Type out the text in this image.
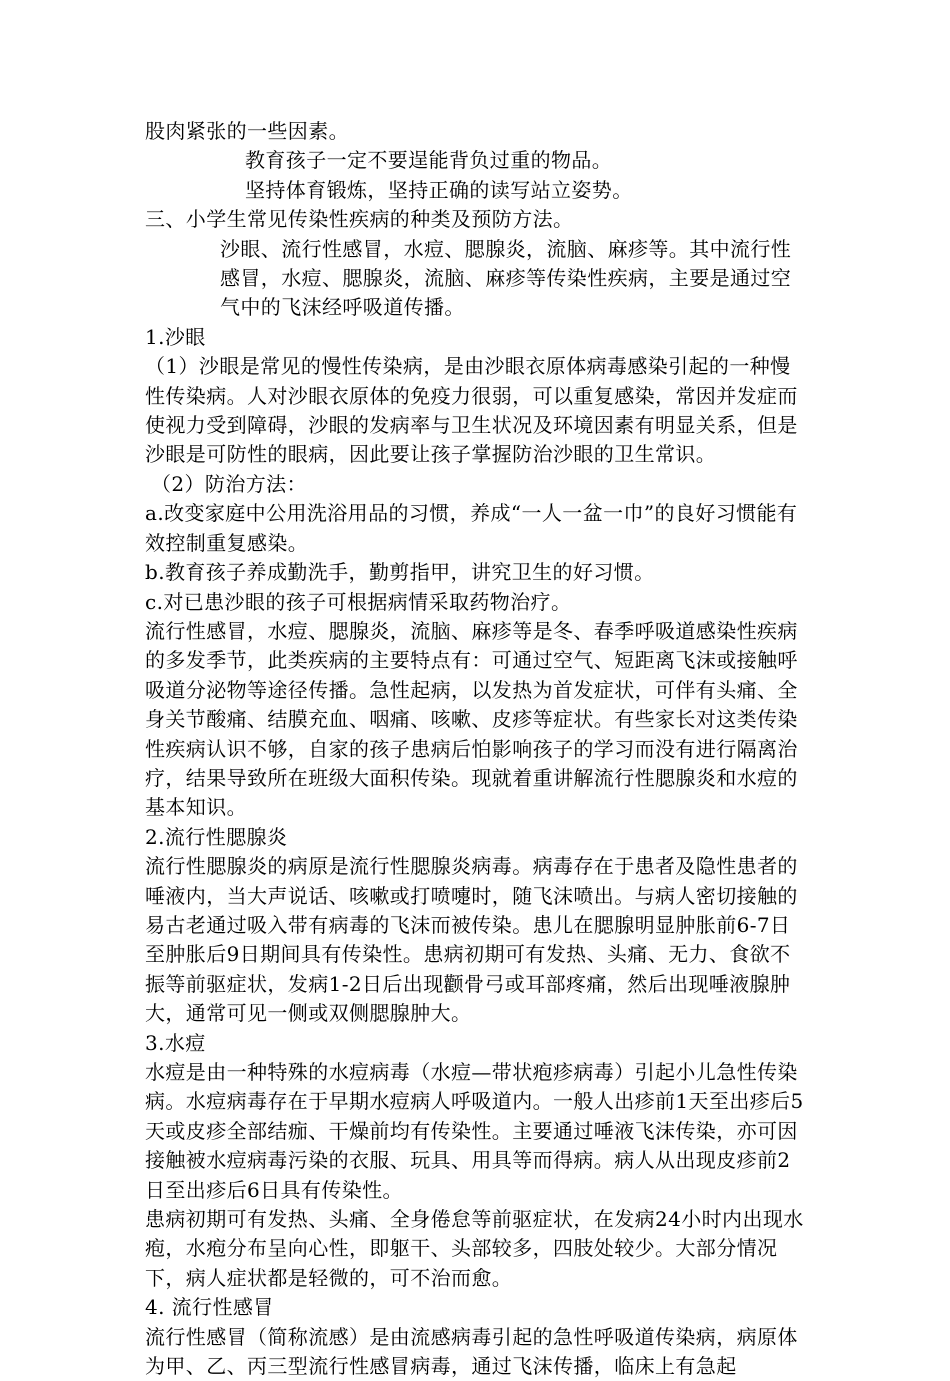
股肉紧张的一些因素。

教育孩子一定不要逞能背负过重的物品。

坚持体育锻炼，坚持正确的读写站立姿势。

三、小学生常见传染性疾病的种类及预防方法。

沙眼、流行性感冒，水痘、腮腺炎，流脑、麻疹等。其中流行性感冒，水痘、腮腺炎，流脑、麻疹等传染性疾病，主要是通过空气中的飞沫经呼吸道传播。

1.沙眼

（1）沙眼是常见的慢性传染病，是由沙眼衣原体病毒感染引起的一种慢性传染病。人对沙眼衣原体的免疫力很弱，可以重复感染，常因并发症而使视力受到障碍，沙眼的发病率与卫生状况及环境因素有明显关系，但是沙眼是可防性的眼病，因此要让孩子掌握防治沙眼的卫生常识。

（2）防治方法：

a.改变家庭中公用洗浴用品的习惯，养成“一人一盆一巾”的良好习惯能有效控制重复感染。

b.教育孩子养成勤洗手，勤剪指甲，讲究卫生的好习惯。

c.对已患沙眼的孩子可根据病情采取药物治疗。

流行性感冒，水痘、腮腺炎，流脑、麻疹等是冬、春季呼吸道感染性疾病的多发季节，此类疾病的主要特点有：可通过空气、短距离飞沫或接触呼吸道分泌物等途径传播。急性起病，以发热为首发症状，可伴有头痛、全身关节酸痛、结膜充血、咽痛、咳嗽、皮疹等症状。有些家长对这类传染性疾病认识不够，自家的孩子患病后怕影响孩子的学习而没有进行隔离治疗，结果导致所在班级大面积传染。现就着重讲解流行性腮腺炎和水痘的基本知识。

2.流行性腮腺炎

流行性腮腺炎的病原是流行性腮腺炎病毒。病毒存在于患者及隐性患者的唾液内，当大声说话、咳嗽或打喷嚏时，随飞沫喷出。与病人密切接触的易古老通过吸入带有病毒的飞沫而被传染。患儿在腮腺明显肿胀前6-7日至肿胀后9日期间具有传染性。患病初期可有发热、头痛、无力、食欲不振等前驱症状，发病1-2日后出现颧骨弓或耳部疼痛，然后出现唾液腺肿大，通常可见一侧或双侧腮腺肿大。

3.水痘

水痘是由一种特殊的水痘病毒（水痘—带状疱疹病毒）引起小儿急性传染病。水痘病毒存在于早期水痘病人呼吸道内。一般人出疹前1天至出疹后5天或皮疹全部结痂、干燥前均有传染性。主要通过唾液飞沫传染，亦可因接触被水痘病毒污染的衣服、玩具、用具等而得病。病人从出现皮疹前2日至出疹后6日具有传染性。

患病初期可有发热、头痛、全身倦怠等前驱症状，在发病24小时内出现水疱，水疱分布呈向心性，即躯干、头部较多，四肢处较少。大部分情况下，病人症状都是轻微的，可不治而愈。

4. 流行性感冒

流行性感冒（简称流感）是由流感病毒引起的急性呼吸道传染病，病原体为甲、乙、丙三型流行性感冒病毒，通过飞沫传播，临床上有急起
